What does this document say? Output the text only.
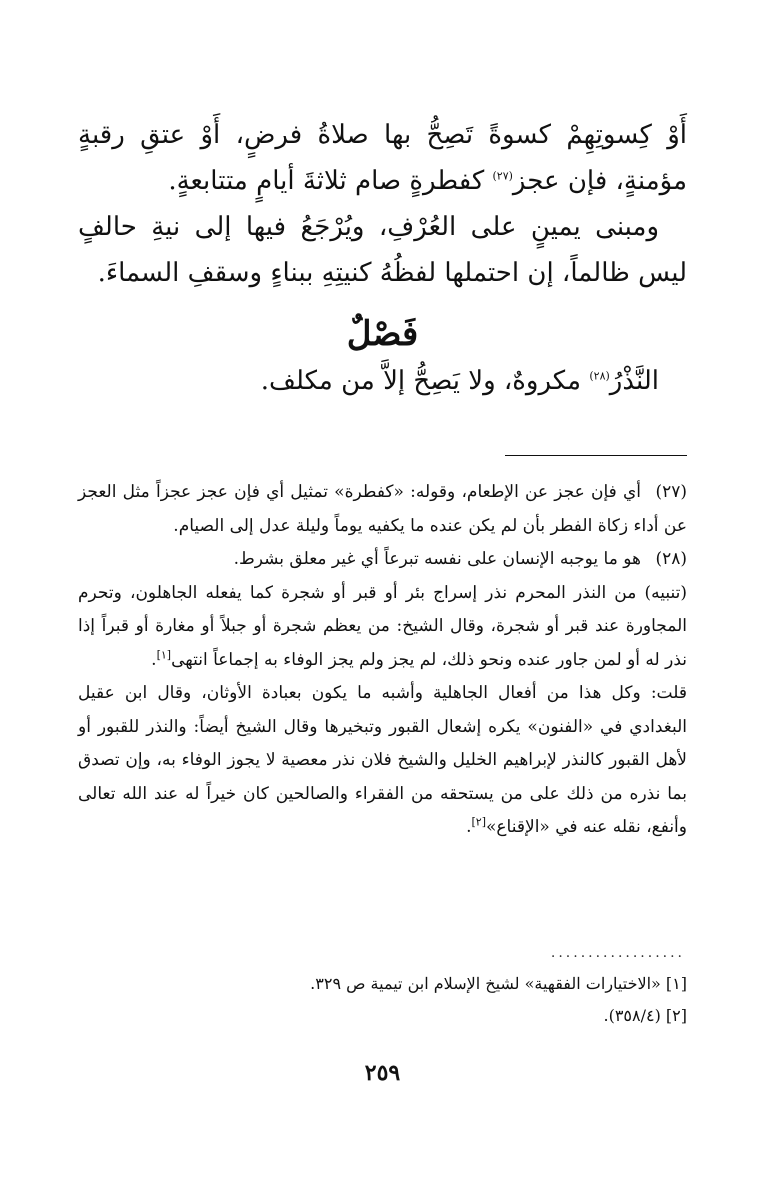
أَوْ كِسوتِهِمْ كسوةً تَصِحُّ بها صلاةُ فرضٍ، أَوْ عتقِ رقبةٍ مؤمنةٍ، فإن عجز$^{(٢٧)}$ كفطرةٍ صام ثلاثةَ أيامٍ متتابعةٍ.

ومبنى يمينٍ على العُرْفِ، ويُرْجَعُ فيها إلى نيةِ حالفٍ ليس ظالماً، إن احتملها لفظُهُ كنيتِهِ ببناءٍ وسقفِ السماءَ.

فَصْلٌ

النَّذْرُ$^{(٢٨)}$ مكروهٌ، ولا يَصِحُّ إلاَّ من مكلف.

(٢٧)أي فإن عجز عن الإطعام، وقوله: «كفطرة» تمثيل أي فإن عجز عجزاً مثل العجز عن أداء زكاة الفطر بأن لم يكن عنده ما يكفيه يوماً وليلة عدل إلى الصيام.

(٢٨)هو ما يوجبه الإنسان على نفسه تبرعاً أي غير معلق بشرط.

(تنبيه) من النذر المحرم نذر إسراج بئر أو قبر أو شجرة كما يفعله الجاهلون، وتحرم المجاورة عند قبر أو شجرة، وقال الشيخ: من يعظم شجرة أو جبلاً أو مغارة أو قبراً إذا نذر له أو لمن جاور عنده ونحو ذلك، لم يجز ولم يجز الوفاء به إجماعاً انتهى[١].

قلت: وكل هذا من أفعال الجاهلية وأشبه ما يكون بعبادة الأوثان، وقال ابن عقيل البغدادي في «الفنون» يكره إشعال القبور وتبخيرها وقال الشيخ أيضاً: والنذر للقبور أو لأهل القبور كالنذر لإبراهيم الخليل والشيخ فلان نذر معصية لا يجوز الوفاء به، وإن تصدق بما نذره من ذلك على من يستحقه من الفقراء والصالحين كان خيراً له عند الله تعالى وأنفع، نقله عنه في «الإقناع»[٢].

..................

[١] «الاختيارات الفقهية» لشيخ الإسلام ابن تيمية ص ٣٢٩.

[٢] (٣٥٨/٤).

٢٥٩
